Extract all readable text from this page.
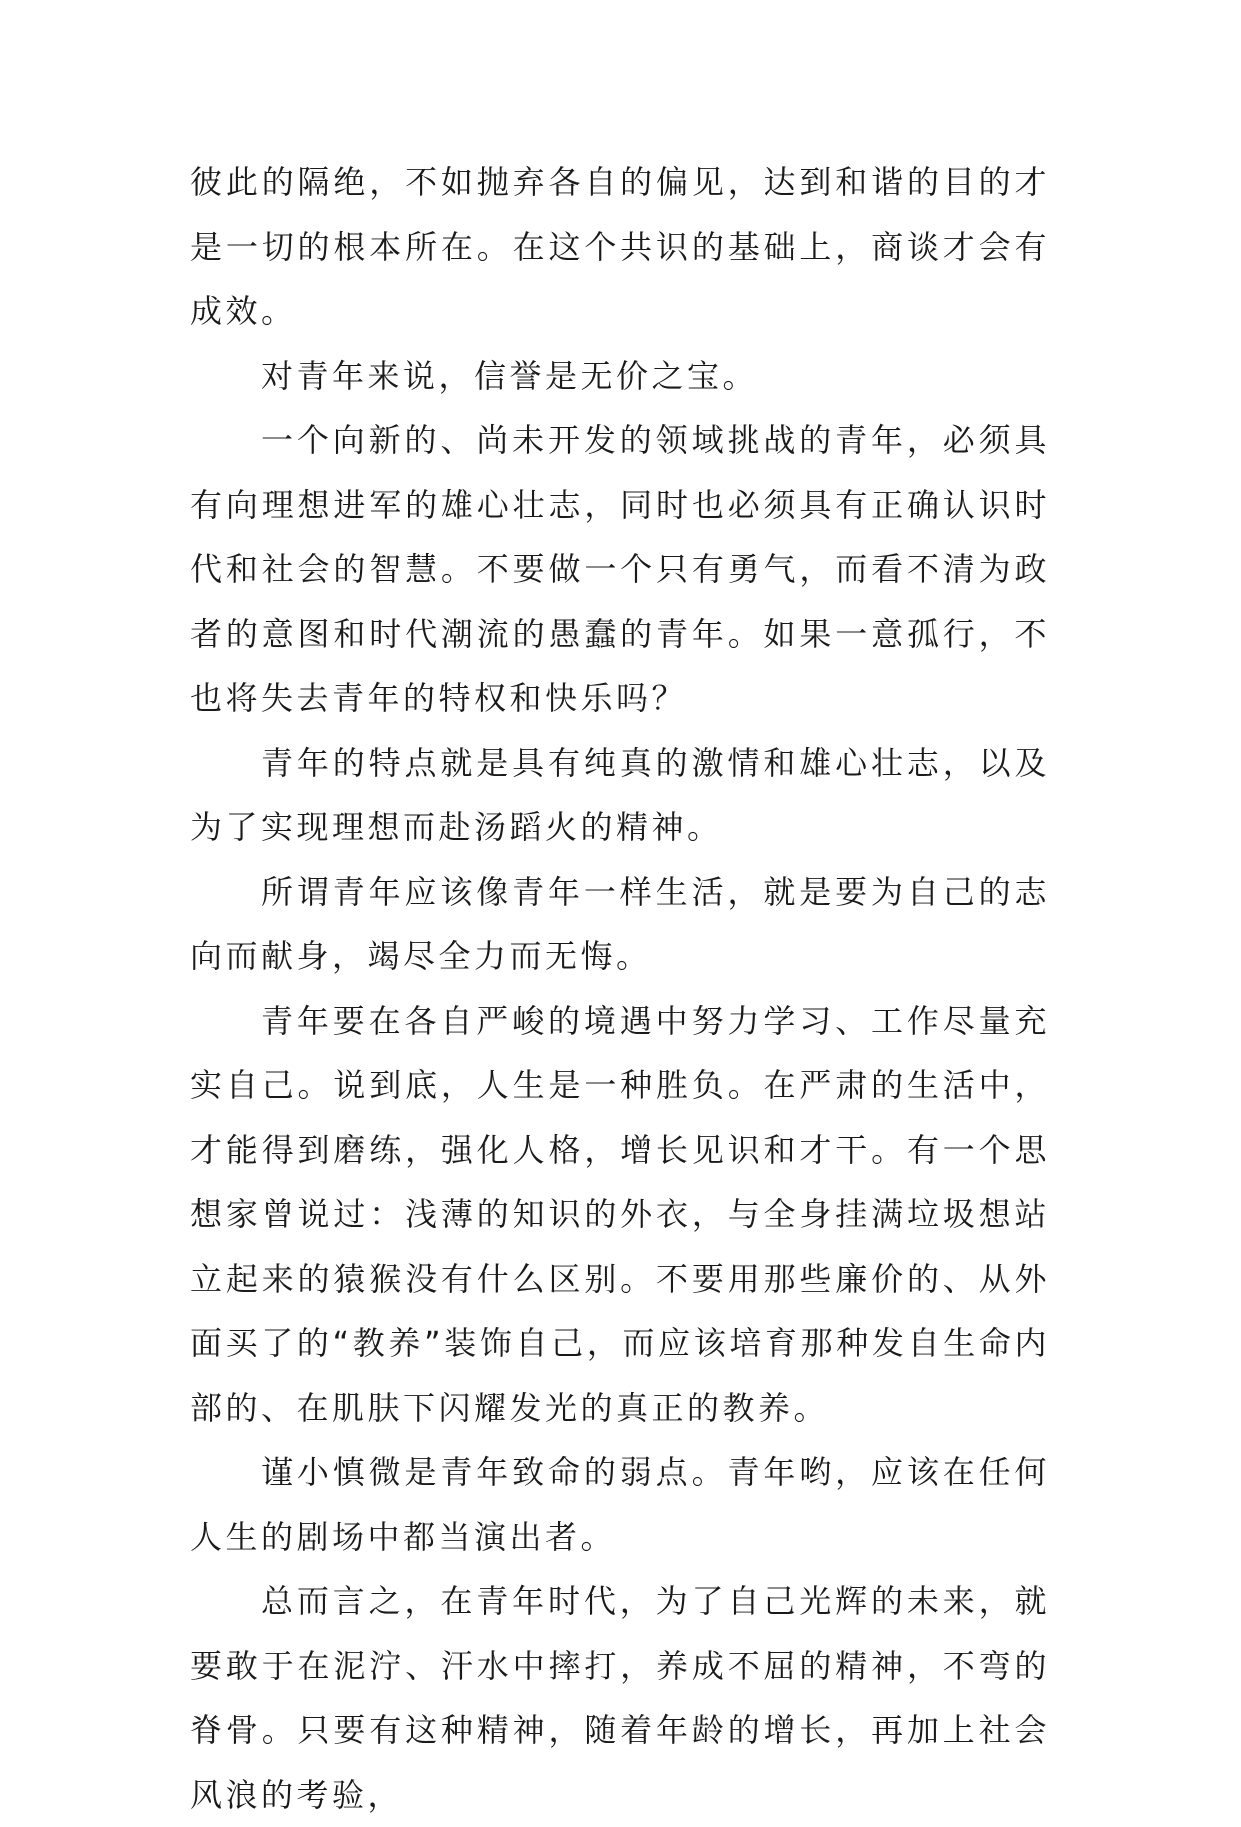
彼此的隔绝，不如抛弃各自的偏见，达到和谐的目的才是一切的根本所在。在这个共识的基础上，商谈才会有成效。

对青年来说，信誉是无价之宝。

一个向新的、尚未开发的领域挑战的青年，必须具有向理想进军的雄心壮志，同时也必须具有正确认识时代和社会的智慧。不要做一个只有勇气，而看不清为政者的意图和时代潮流的愚蠢的青年。如果一意孤行，不也将失去青年的特权和快乐吗？

青年的特点就是具有纯真的激情和雄心壮志，以及为了实现理想而赴汤蹈火的精神。

所谓青年应该像青年一样生活，就是要为自己的志向而献身，竭尽全力而无悔。

青年要在各自严峻的境遇中努力学习、工作尽量充实自己。说到底，人生是一种胜负。在严肃的生活中，才能得到磨练，强化人格，增长见识和才干。有一个思想家曾说过：浅薄的知识的外衣，与全身挂满垃圾想站立起来的猿猴没有什么区别。不要用那些廉价的、从外面买了的“教养”装饰自己，而应该培育那种发自生命内部的、在肌肤下闪耀发光的真正的教养。

谨小慎微是青年致命的弱点。青年哟，应该在任何人生的剧场中都当演出者。

总而言之，在青年时代，为了自己光辉的未来，就要敢于在泥泞、汗水中摔打，养成不屈的精神，不弯的脊骨。只要有这种精神，随着年龄的增长，再加上社会风浪的考验，
